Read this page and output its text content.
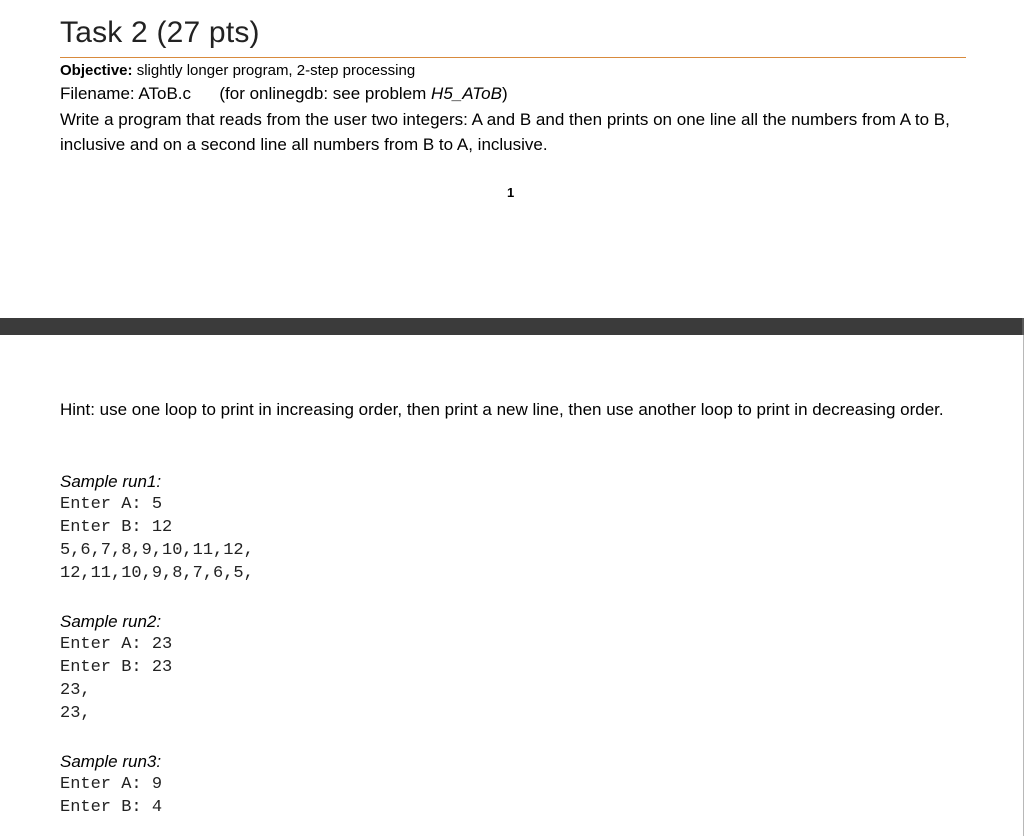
Task 2 (27 pts)
Objective: slightly longer program, 2-step processing
Filename: AToB.c      (for onlinegdb: see problem H5_AToB)
Write a program that reads from the user two integers: A and B and then prints on one line all the numbers from A to B, inclusive and on a second line all numbers from B to A, inclusive.
1
Hint: use one loop to print in increasing order, then print a new line, then use another loop to print in decreasing order.
Sample run1:
Enter A: 5
Enter B: 12
5,6,7,8,9,10,11,12,
12,11,10,9,8,7,6,5,
Sample run2:
Enter A: 23
Enter B: 23
23,
23,
Sample run3:
Enter A: 9
Enter B: 4
